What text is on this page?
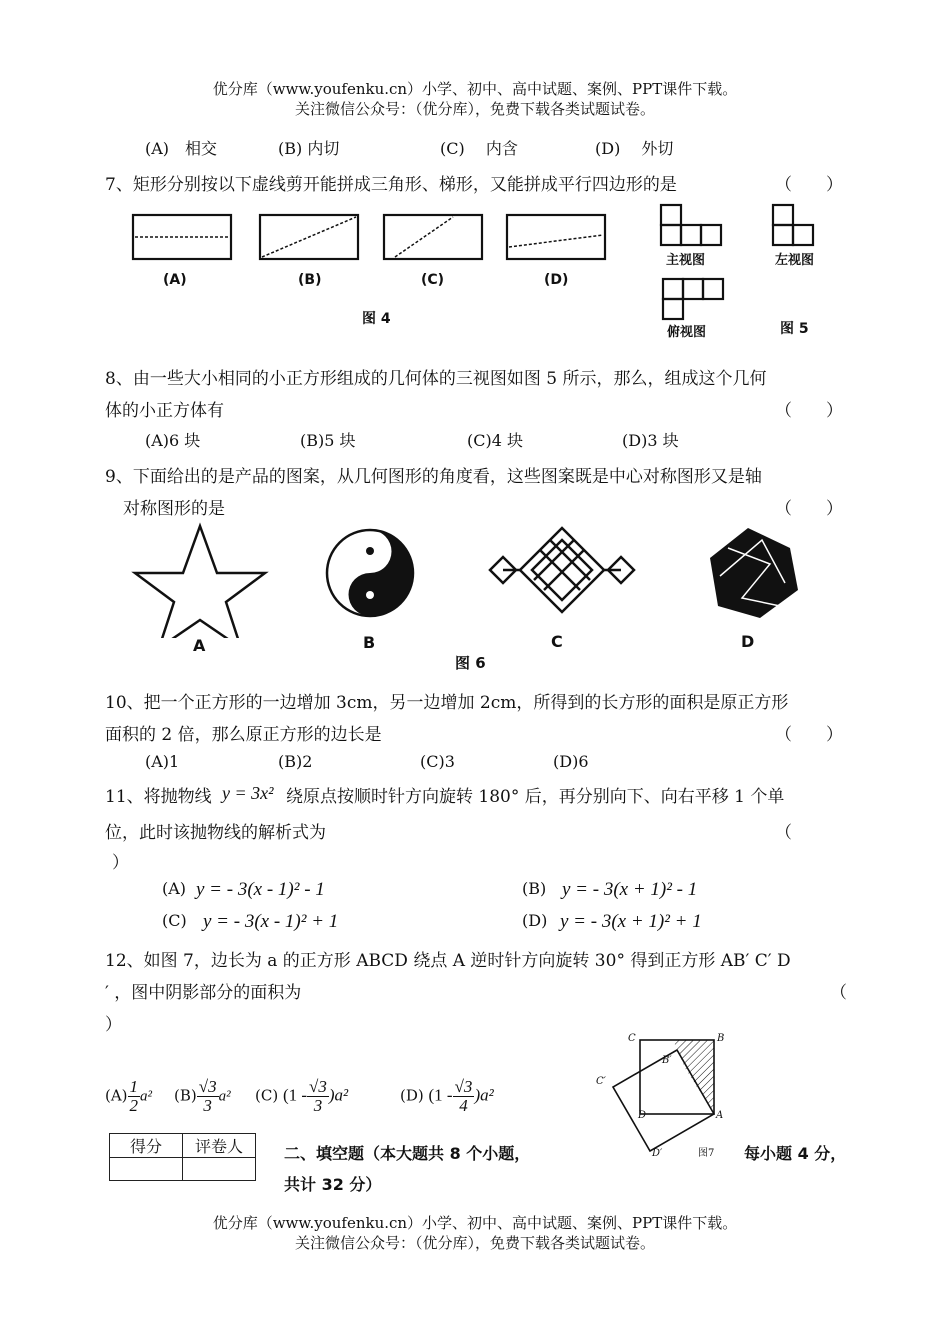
优分库（www.youfenku.cn）小学、初中、高中试题、案例、PPT课件下载。
关注微信公众号：（优分库），免费下载各类试题试卷。
(A)　相交	(B) 内切	(C)　 内含	(D)　 外切
7、矩形分别按以下虚线剪开能拼成三角形、梯形，又能拼成平行四边形的是	（　　）
(A)	(B)	(C)	(D)
图 4
主视图	左视图
俯视图	图 5
8、由一些大小相同的小正方形组成的几何体的三视图如图 5 所示，那么，组成这个几何
体的小正方体有	（　　）
(A)6 块	(B)5 块	(C)4 块	(D)3 块
9、下面给出的是产品的图案，从几何图形的角度看，这些图案既是中心对称图形又是轴
对称图形的是	（　　）
A	B	C	D
图 6
10、把一个正方形的一边增加 3cm，另一边增加 2cm，所得到的长方形的面积是原正方形
面积的 2 倍，那么原正方形的边长是	（　　）
(A)1	(B)2	(C)3	(D)6
11、将抛物线 y = 3x² 绕原点按顺时针方向旋转 180° 后，再分别向下、向右平移 1 个单
位，此时该抛物线的解析式为	（
）
(A) y = - 3(x - 1)² - 1	(B) y = - 3(x + 1)² - 1
(C) y = - 3(x - 1)² + 1	(D) y = - 3(x + 1)² + 1
12、如图 7，边长为 a 的正方形 ABCD 绕点 A 逆时针方向旋转 30° 得到正方形 AB′ C′ D
′ ，图中阴影部分的面积为	（
）
$(A) \frac{1}{2} a^2$ $(B) \frac{√3}{3} a^2$ (C) $(1 - \frac{√3}{3} )a^2$	(D) $(1 - \frac{√3}{4} )a^2$
C	B
B′
C′
D	A
D′	图7
得分	评卷人
		二、填空题（本大题共 8 个小题，	每小题 4 分，
共计 32 分）
优分库（www.youfenku.cn）小学、初中、高中试题、案例、PPT课件下载。
关注微信公众号：（优分库），免费下载各类试题试卷。
